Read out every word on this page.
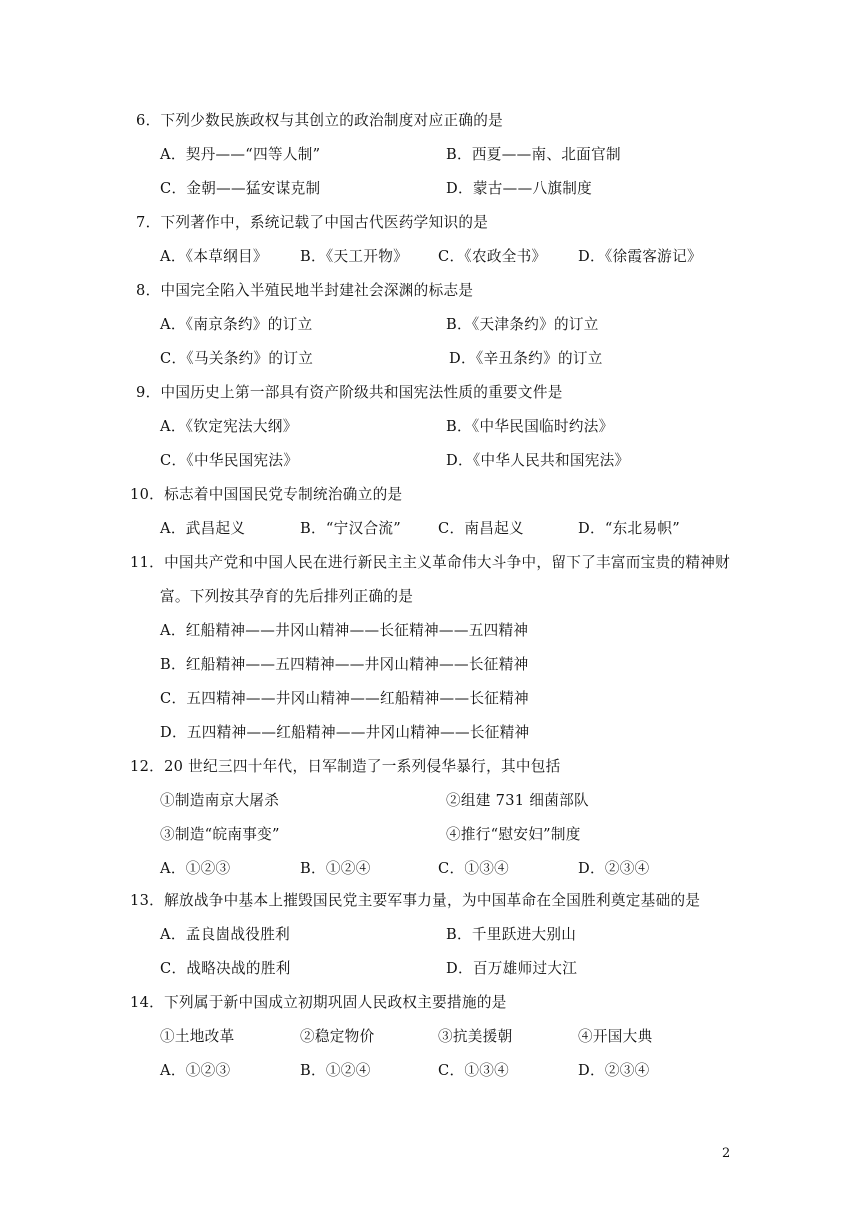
6．下列少数民族政权与其创立的政治制度对应正确的是
A．契丹——“四等人制”	B．西夏——南、北面官制
C．金朝——猛安谋克制	D．蒙古——八旗制度
7．下列著作中，系统记载了中国古代医药学知识的是
A．《本草纲目》 B．《天工开物》 C．《农政全书》 D．《徐霞客游记》
8．中国完全陷入半殖民地半封建社会深渊的标志是
A．《南京条约》的订立	B．《天津条约》的订立
C．《马关条约》的订立	D．《辛丑条约》的订立
9．中国历史上第一部具有资产阶级共和国宪法性质的重要文件是
A．《钦定宪法大纲》	B．《中华民国临时约法》
C．《中华民国宪法》	D．《中华人民共和国宪法》
10．标志着中国国民党专制统治确立的是
A．武昌起义	B．“宁汉合流”	C．南昌起义	D．“东北易帜”
11．中国共产党和中国人民在进行新民主主义革命伟大斗争中，留下了丰富而宝贵的精神财
富。下列按其孕育的先后排列正确的是
A．红船精神——井冈山精神——长征精神——五四精神
B．红船精神——五四精神——井冈山精神——长征精神
C．五四精神——井冈山精神——红船精神——长征精神
D．五四精神——红船精神——井冈山精神——长征精神
12．20 世纪三四十年代，日军制造了一系列侵华暴行，其中包括
①制造南京大屠杀	②组建 731 细菌部队
③制造“皖南事变”	④推行“慰安妇”制度
A．①②③	B．①②④	C．①③④	D．②③④
13．解放战争中基本上摧毁国民党主要军事力量，为中国革命在全国胜利奠定基础的是
A．孟良崮战役胜利	B．千里跃进大别山
C．战略决战的胜利	D．百万雄师过大江
14．下列属于新中国成立初期巩固人民政权主要措施的是
①土地改革	②稳定物价	③抗美援朝	④开国大典
A．①②③	B．①②④	C．①③④	D．②③④
2
